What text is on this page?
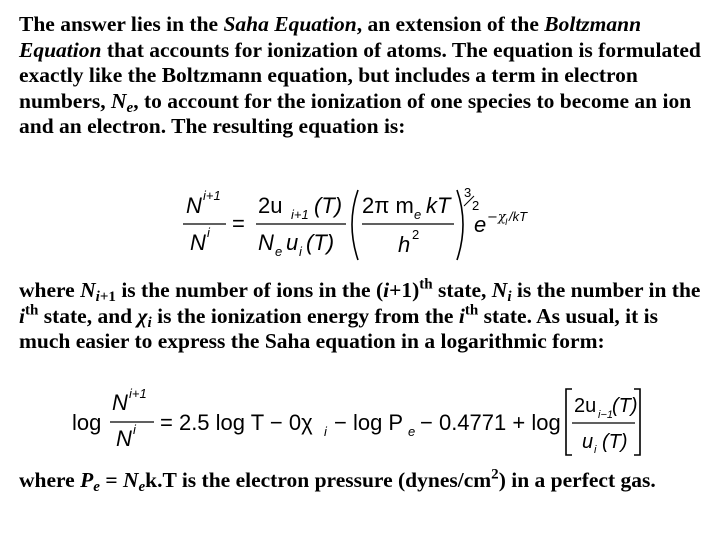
The answer lies in the Saha Equation, an extension of the Boltzmann Equation that accounts for ionization of atoms. The equation is formulated exactly like the Boltzmann equation, but includes a term in electron numbers, $N_e$, to account for the ionization of one species to become an ion and an electron. The resulting equation is:

N i+1
N i =
2u i+1 (T)
N e u i (T)
2π m e kT
h 2
3
2
e −χ I /kT

where $N_{i+1}$ is the number of ions in the $(i+1)^{th}$ state, $N_i$ is the number in the $i^{th}$ state, and $\chi_i$ is the ionization energy from the $i^{th}$ state. As usual, it is much easier to express the Saha equation in a logarithmic form:

log
N i+1
N i = 2.5 log T − 0χ i − log P e − 0.4771 + log
2u i−1 (T)
u i (T)

where $P_e = N_ek.T$ is the electron pressure $(dynes/cm^2)$ in a perfect gas.
